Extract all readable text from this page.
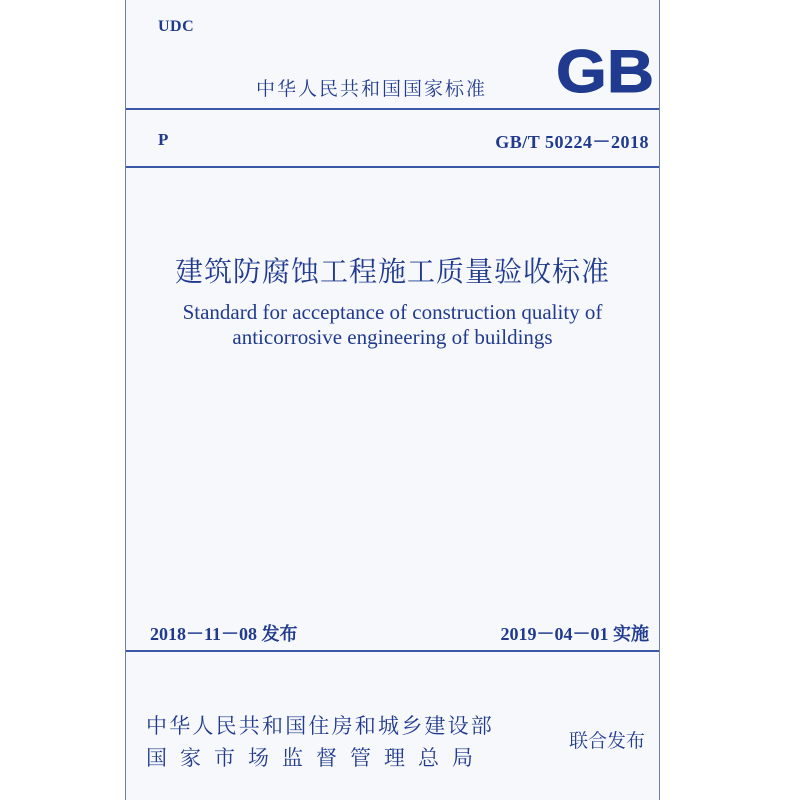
UDC
中华人民共和国国家标准 GB
P	GB/T 50224－2018
建筑防腐蚀工程施工质量验收标准
Standard for acceptance of construction quality of
anticorrosive engineering of buildings
2018－11－08 发布	2019－04－01 实施
中华人民共和国住房和城乡建设部
国家市场监督管理总局
联合发布
